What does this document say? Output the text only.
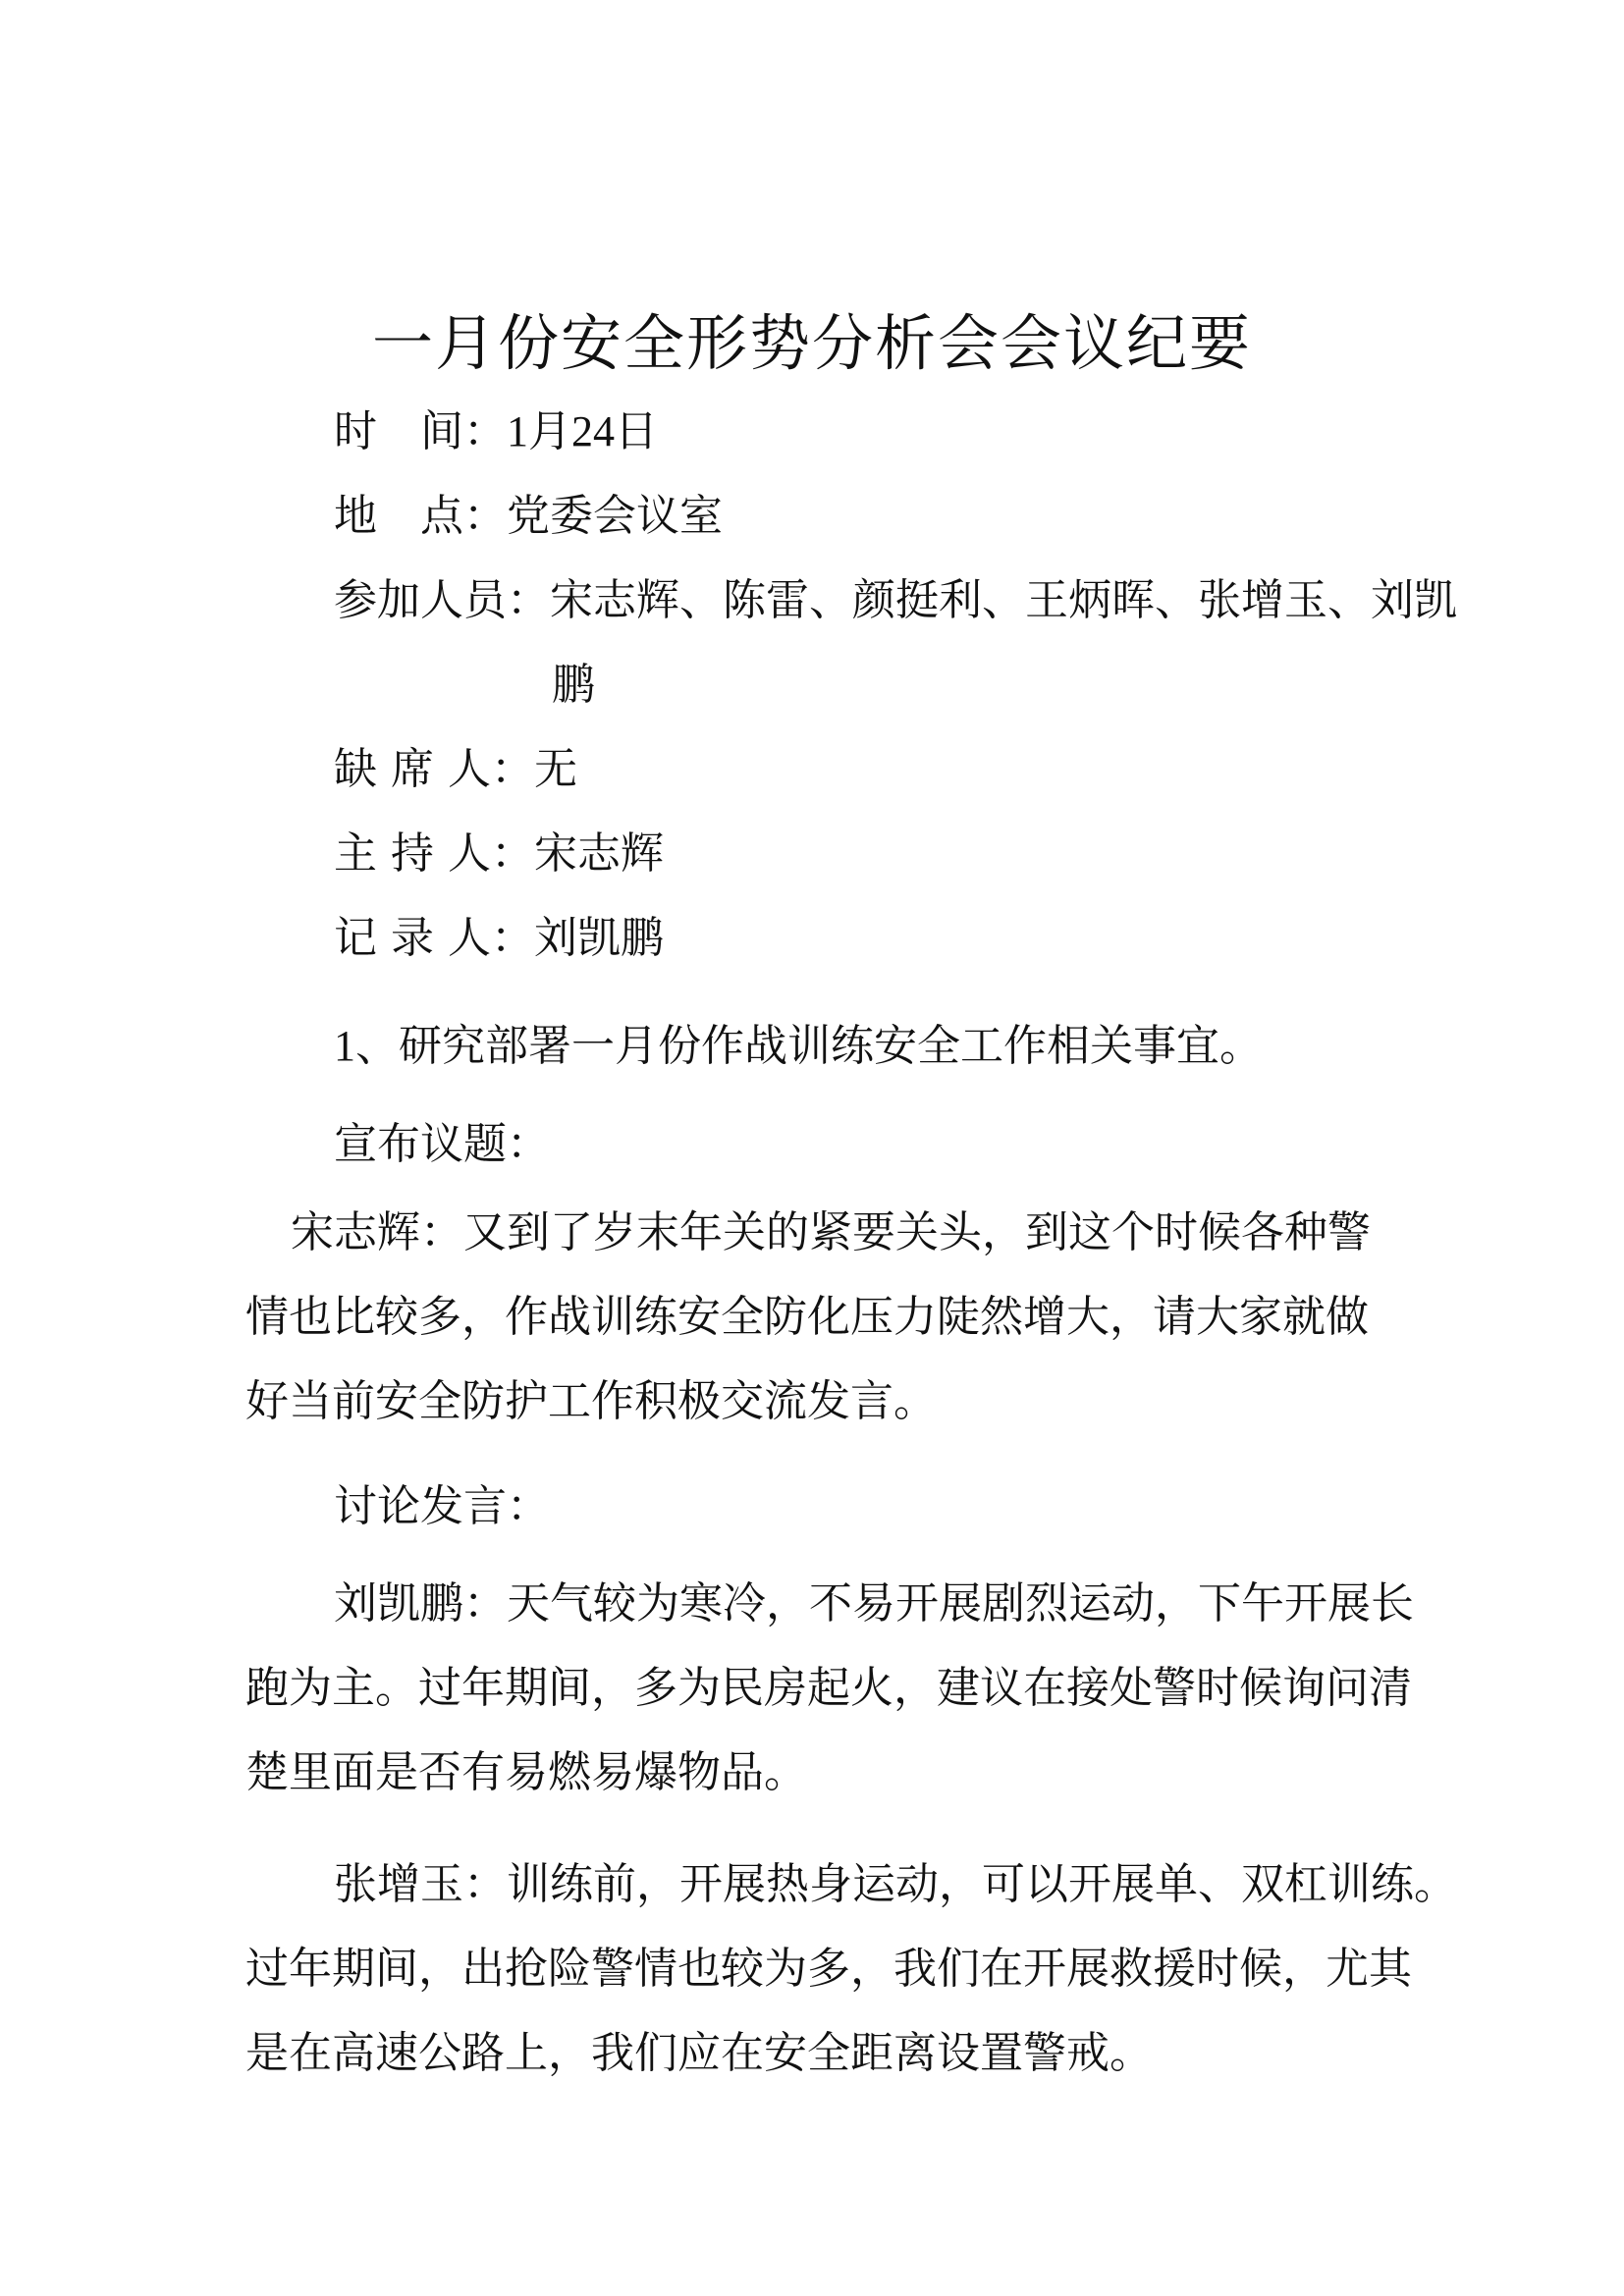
一月份安全形势分析会会议纪要
时　间：1月24日
地　点：党委会议室
参加人员：宋志辉、陈雷、颜挺利、王炳晖、张增玉、刘凯
鹏
缺 席 人：无
主 持 人：宋志辉
记 录 人：刘凯鹏
1、研究部署一月份作战训练安全工作相关事宜。
宣布议题：
宋志辉：又到了岁末年关的紧要关头，到这个时候各种警
情也比较多，作战训练安全防化压力陡然增大，请大家就做
好当前安全防护工作积极交流发言。
讨论发言：
刘凯鹏：天气较为寒冷，不易开展剧烈运动，下午开展长
跑为主。过年期间，多为民房起火，建议在接处警时候询问清
楚里面是否有易燃易爆物品。
张增玉：训练前，开展热身运动，可以开展单、双杠训练。
过年期间，出抢险警情也较为多，我们在开展救援时候，尤其
是在高速公路上，我们应在安全距离设置警戒。
